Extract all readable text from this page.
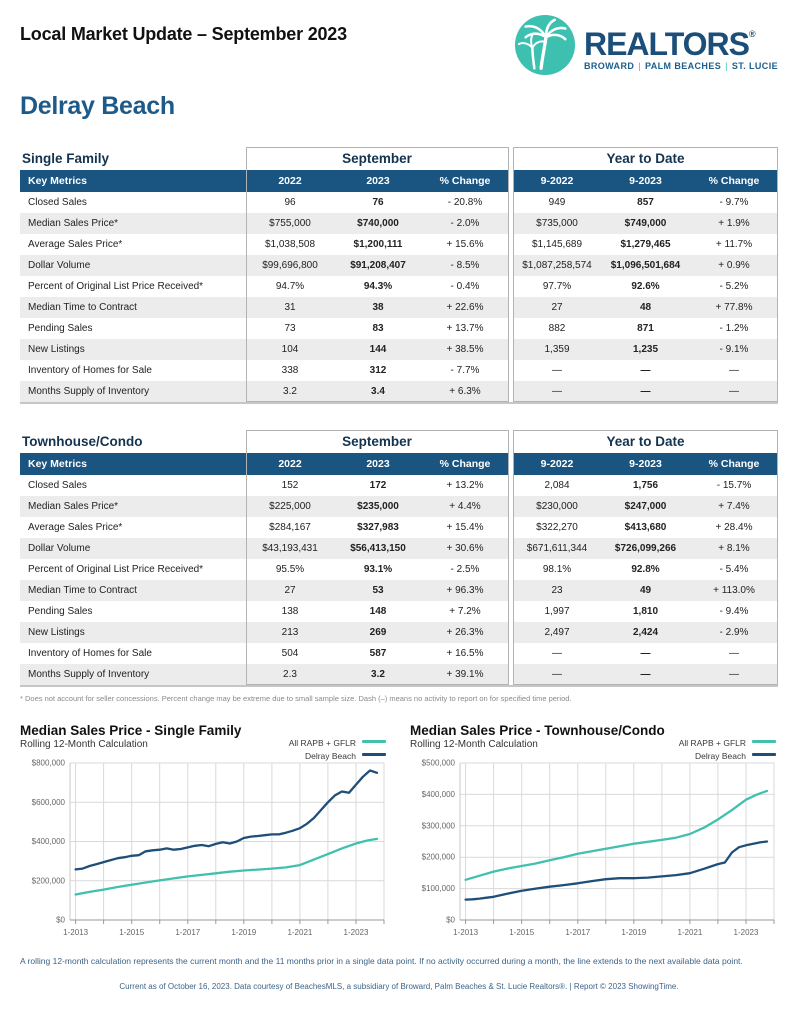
Local Market Update – September 2023	REALTORS®
BROWARD | PALM BEACHES | ST. LUCIE
Delray Beach
Single Family	September	Year to Date
Key Metrics	2022	2023	% Change	9-2022	9-2023	% Change
Closed Sales	96	76	- 20.8%	949	857	- 9.7%
Median Sales Price*	$755,000	$740,000	- 2.0%	$735,000	$749,000	+ 1.9%
Average Sales Price*	$1,038,508	$1,200,111	+ 15.6%	$1,145,689	$1,279,465	+ 11.7%
Dollar Volume	$99,696,800	$91,208,407	- 8.5%	$1,087,258,574	$1,096,501,684	+ 0.9%
Percent of Original List Price Received*	94.7%	94.3%	- 0.4%	97.7%	92.6%	- 5.2%
Median Time to Contract	31	38	+ 22.6%	27	48	+ 77.8%
Pending Sales	73	83	+ 13.7%	882	871	- 1.2%
New Listings	104	144	+ 38.5%	1,359	1,235	- 9.1%
Inventory of Homes for Sale	338	312	- 7.7%	—	—	—
Months Supply of Inventory	3.2	3.4	+ 6.3%	—	—	—
Townhouse/Condo	September	Year to Date
Key Metrics	2022	2023	% Change	9-2022	9-2023	% Change
Closed Sales	152	172	+ 13.2%	2,084	1,756	- 15.7%
Median Sales Price*	$225,000	$235,000	+ 4.4%	$230,000	$247,000	+ 7.4%
Average Sales Price*	$284,167	$327,983	+ 15.4%	$322,270	$413,680	+ 28.4%
Dollar Volume	$43,193,431	$56,413,150	+ 30.6%	$671,611,344	$726,099,266	+ 8.1%
Percent of Original List Price Received*	95.5%	93.1%	- 2.5%	98.1%	92.8%	- 5.4%
Median Time to Contract	27	53	+ 96.3%	23	49	+ 113.0%
Pending Sales	138	148	+ 7.2%	1,997	1,810	- 9.4%
New Listings	213	269	+ 26.3%	2,497	2,424	- 2.9%
Inventory of Homes for Sale	504	587	+ 16.5%	—	—	—
Months Supply of Inventory	2.3	3.2	+ 39.1%	—	—	—

* Does not account for seller concessions. Percent change may be extreme due to small sample size. Dash (–) means no activity to report on for specified time period.

Median Sales Price - Single Family
Rolling 12-Month Calculation	All RAPB + GFLR
Delray Beach
$0
$200,000
$400,000
$600,000
$800,000
1-2013	1-2015	1-2017	1-2019	1-2021	1-2023
Median Sales Price - Townhouse/Condo
Rolling 12-Month Calculation	All RAPB + GFLR
Delray Beach
$0
$100,000
$200,000
$300,000
$400,000
$500,000
1-2013	1-2015	1-2017	1-2019	1-2021	1-2023

A rolling 12-month calculation represents the current month and the 11 months prior in a single data point. If no activity occurred during a month, the line extends to the next available data point.

Current as of October 16, 2023. Data courtesy of BeachesMLS, a subsidiary of Broward, Palm Beaches & St. Lucie Realtors®. | Report © 2023 ShowingTime.
